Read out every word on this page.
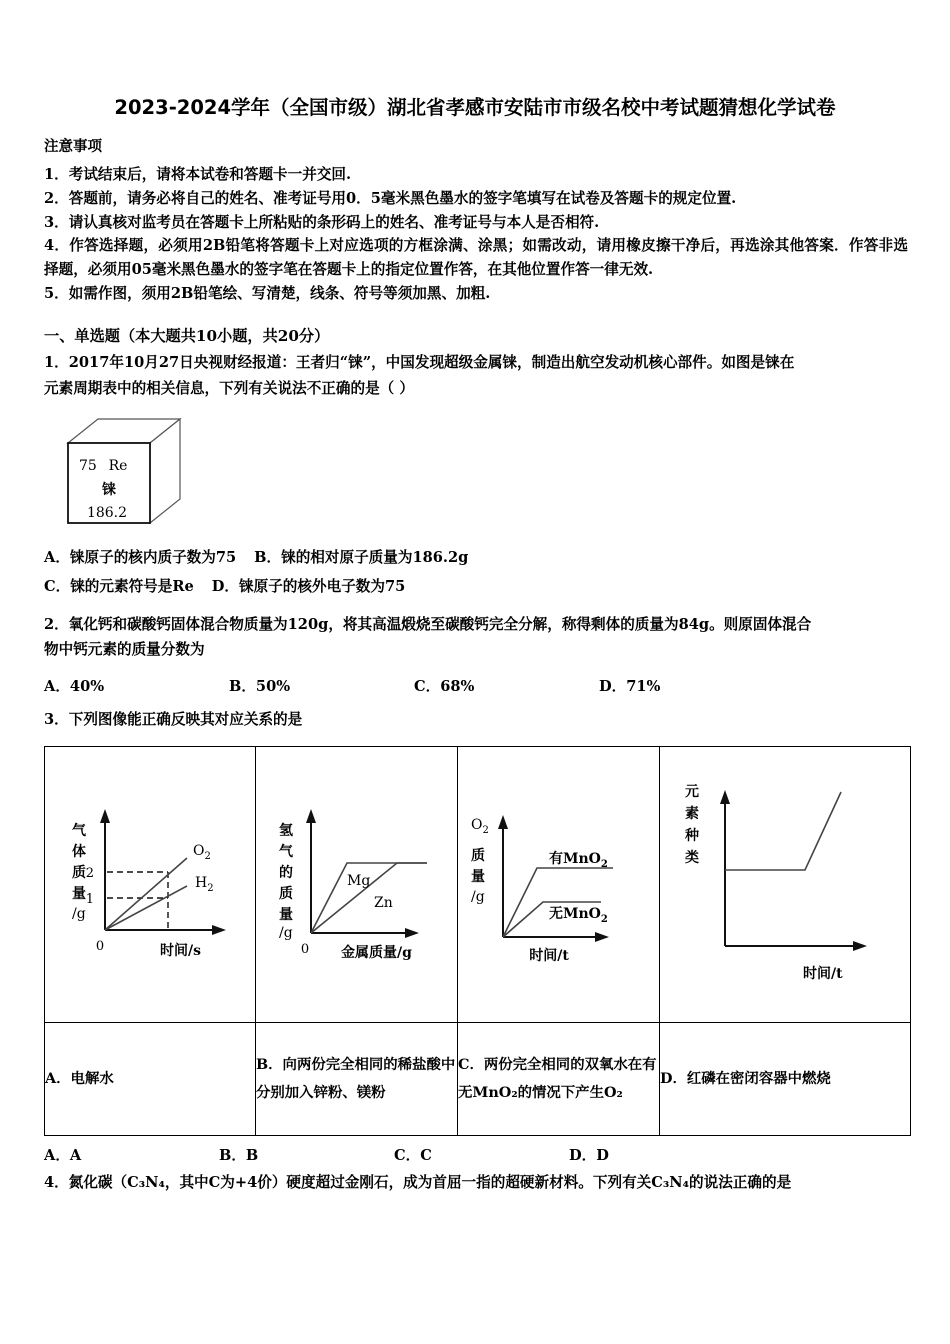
2023-2024学年（全国市级）湖北省孝感市安陆市市级名校中考试题猜想化学试卷
注意事项
1．考试结束后，请将本试卷和答题卡一并交回.
2．答题前，请务必将自己的姓名、准考证号用0．5毫米黑色墨水的签字笔填写在试卷及答题卡的规定位置.
3．请认真核对监考员在答题卡上所粘贴的条形码上的姓名、准考证号与本人是否相符.
4．作答选择题，必须用2B铅笔将答题卡上对应选项的方框涂满、涂黑；如需改动，请用橡皮擦干净后，再选涂其他答案．作答非选择题，必须用05毫米黑色墨水的签字笔在答题卡上的指定位置作答，在其他位置作答一律无效.
5．如需作图，须用2B铅笔绘、写清楚，线条、符号等须加黑、加粗.
一、单选题（本大题共10小题，共20分）
1．2017年10月27日央视财经报道：王者归“铼”，中国发现超级金属铼，制造出航空发动机核心部件。如图是铼在
元素周期表中的相关信息，下列有关说法不正确的是（ ）
75 Re
铼
186.2
A．铼原子的核内质子数为75 B．铼的相对原子质量为186.2g
C．铼的元素符号是Re D．铼原子的核外电子数为75
2．氧化钙和碳酸钙固体混合物质量为120g，将其高温煅烧至碳酸钙完全分解，称得剩体的质量为84g。则原固体混合
物中钙元素的质量分数为
A．40%	B．50%	C．68%	D．71%
3．下列图像能正确反映其对应关系的是
2
1
0
气
体
质
量
/g
时间/s
$O_2$
$H_2$

氢
气
的
质
量
/g
0 金属质量/g
Mg
Zn

$O_2$
质
量
/g
时间/t
有MnO$_2$
无MnO$_2$

元
素
种
类
时间/t

A．电解水	B．向两份完全相同的稀盐酸中分别加入锌粉、镁粉	C．两份完全相同的双氧水在有无MnO₂的情况下产生O₂	D．红磷在密闭容器中燃烧
A．A	B．B	C．C	D．D
4．氮化碳（C₃N₄，其中C为+4价）硬度超过金刚石，成为首屈一指的超硬新材料。下列有关C₃N₄的说法正确的是
